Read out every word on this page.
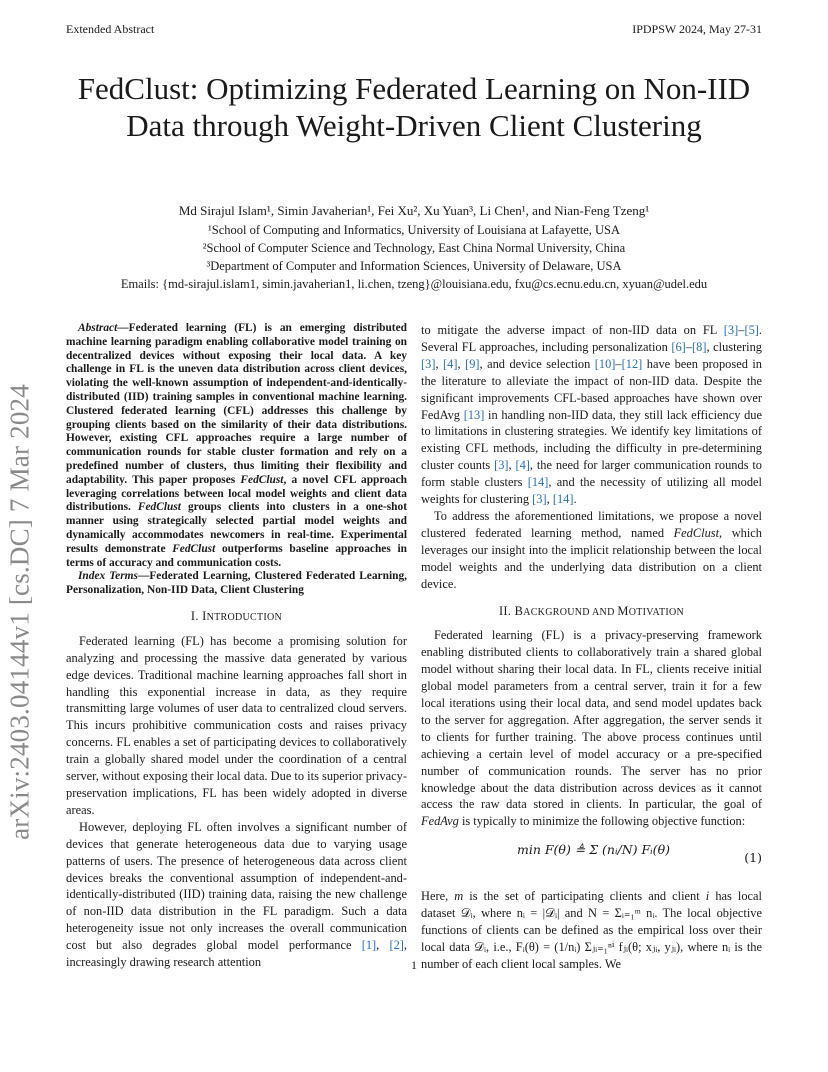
Extended Abstract	IPDPSW 2024, May 27-31
arXiv:2403.04144v1 [cs.DC] 7 Mar 2024
FedClust: Optimizing Federated Learning on Non-IID Data through Weight-Driven Client Clustering
Md Sirajul Islam¹, Simin Javaherian¹, Fei Xu², Xu Yuan³, Li Chen¹, and Nian-Feng Tzeng¹
¹School of Computing and Informatics, University of Louisiana at Lafayette, USA
²School of Computer Science and Technology, East China Normal University, China
³Department of Computer and Information Sciences, University of Delaware, USA
Emails: {md-sirajul.islam1, simin.javaherian1, li.chen, tzeng}@louisiana.edu, fxu@cs.ecnu.edu.cn, xyuan@udel.edu

Abstract—Federated learning (FL) is an emerging distributed machine learning paradigm enabling collaborative model training on decentralized devices without exposing their local data. A key challenge in FL is the uneven data distribution across client devices, violating the well-known assumption of independent-and-identically-distributed (IID) training samples in conventional machine learning. Clustered federated learning (CFL) addresses this challenge by grouping clients based on the similarity of their data distributions. However, existing CFL approaches require a large number of communication rounds for stable cluster formation and rely on a predefined number of clusters, thus limiting their flexibility and adaptability. This paper proposes FedClust, a novel CFL approach leveraging correlations between local model weights and client data distributions. FedClust groups clients into clusters in a one-shot manner using strategically selected partial model weights and dynamically accommodates newcomers in real-time. Experimental results demonstrate FedClust outperforms baseline approaches in terms of accuracy and communication costs.

Index Terms—Federated Learning, Clustered Federated Learning, Personalization, Non-IID Data, Client Clustering

I. INTRODUCTION

Federated learning (FL) has become a promising solution for analyzing and processing the massive data generated by various edge devices. Traditional machine learning approaches fall short in handling this exponential increase in data, as they require transmitting large volumes of user data to centralized cloud servers. This incurs prohibitive communication costs and raises privacy concerns. FL enables a set of participating devices to collaboratively train a globally shared model under the coordination of a central server, without exposing their local data. Due to its superior privacy-preservation implications, FL has been widely adopted in diverse areas.

However, deploying FL often involves a significant number of devices that generate heterogeneous data due to varying usage patterns of users. The presence of heterogeneous data across client devices breaks the conventional assumption of independent-and-identically-distributed (IID) training data, raising the new challenge of non-IID data distribution in the FL paradigm. Such a data heterogeneity issue not only increases the overall communication cost but also degrades global model performance [1], [2], increasingly drawing research attention

to mitigate the adverse impact of non-IID data on FL [3]–[5]. Several FL approaches, including personalization [6]–[8], clustering [3], [4], [9], and device selection [10]–[12] have been proposed in the literature to alleviate the impact of non-IID data. Despite the significant improvements CFL-based approaches have shown over FedAvg [13] in handling non-IID data, they still lack efficiency due to limitations in clustering strategies. We identify key limitations of existing CFL methods, including the difficulty in pre-determining cluster counts [3], [4], the need for larger communication rounds to form stable clusters [14], and the necessity of utilizing all model weights for clustering [3], [14].

To address the aforementioned limitations, we propose a novel clustered federated learning method, named FedClust, which leverages our insight into the implicit relationship between the local model weights and the underlying data distribution on a client device.

II. BACKGROUND AND MOTIVATION

Federated learning (FL) is a privacy-preserving framework enabling distributed clients to collaboratively train a shared global model without sharing their local data. In FL, clients receive initial global model parameters from a central server, train it for a few local iterations using their local data, and send model updates back to the server for aggregation. After aggregation, the server sends it to clients for further training. The above process continues until achieving a certain level of model accuracy or a pre-specified number of communication rounds. The server has no prior knowledge about the data distribution across devices as it cannot access the raw data stored in clients. In particular, the goal of FedAvg is typically to minimize the following objective function:

min F(θ) ≜ Σ (nᵢ/N) Fᵢ(θ)
(1)

Here, m is the set of participating clients and client i has local dataset 𝒟ᵢ, where nᵢ = |𝒟ᵢ| and N = Σᵢ₌₁ᵐ nᵢ. The local objective functions of clients can be defined as the empirical loss over their local data 𝒟ᵢ, i.e., Fᵢ(θ) = (1/nᵢ) Σⱼᵢ₌₁ⁿⁱ fⱼᵢ(θ; xⱼᵢ, yⱼᵢ), where nᵢ is the number of each client local samples. We

1
